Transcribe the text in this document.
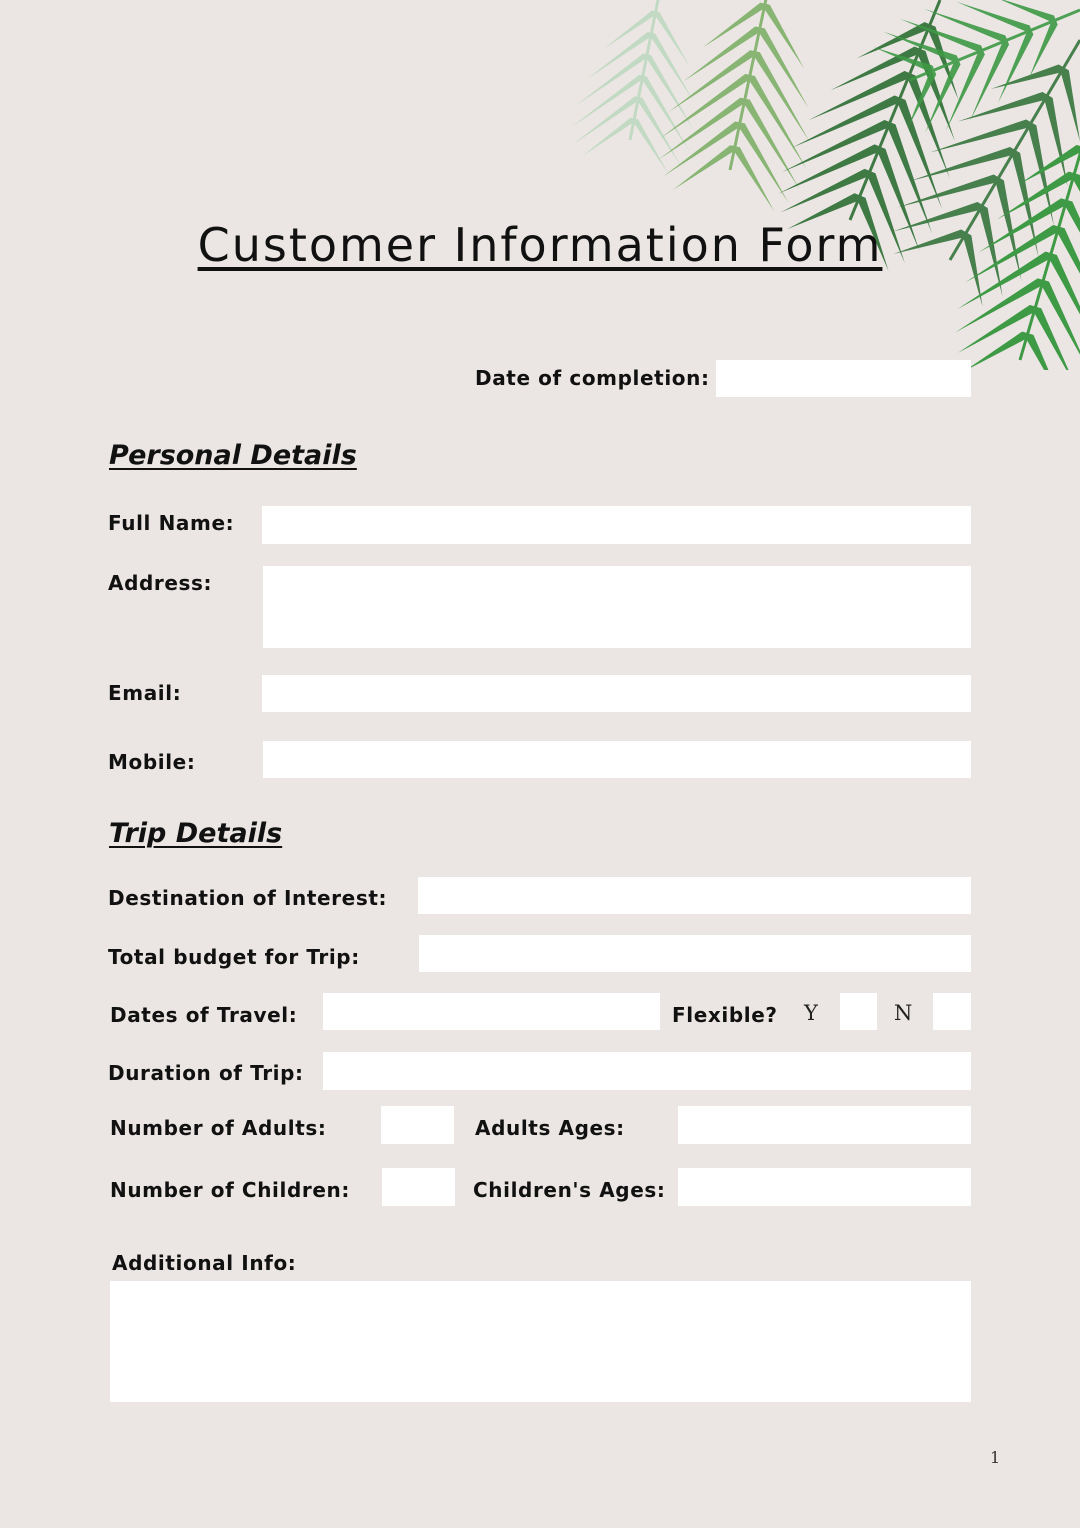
Customer Information Form
Date of completion:
Personal Details
Full Name:
Address:
Email:
Mobile:
Trip Details
Destination of Interest:
Total budget for Trip:
Dates of Travel:	Flexible? Y	N
Duration of Trip:
Number of Adults:	Adults Ages:
Number of Children:	Children's Ages:
Additional Info:
1
